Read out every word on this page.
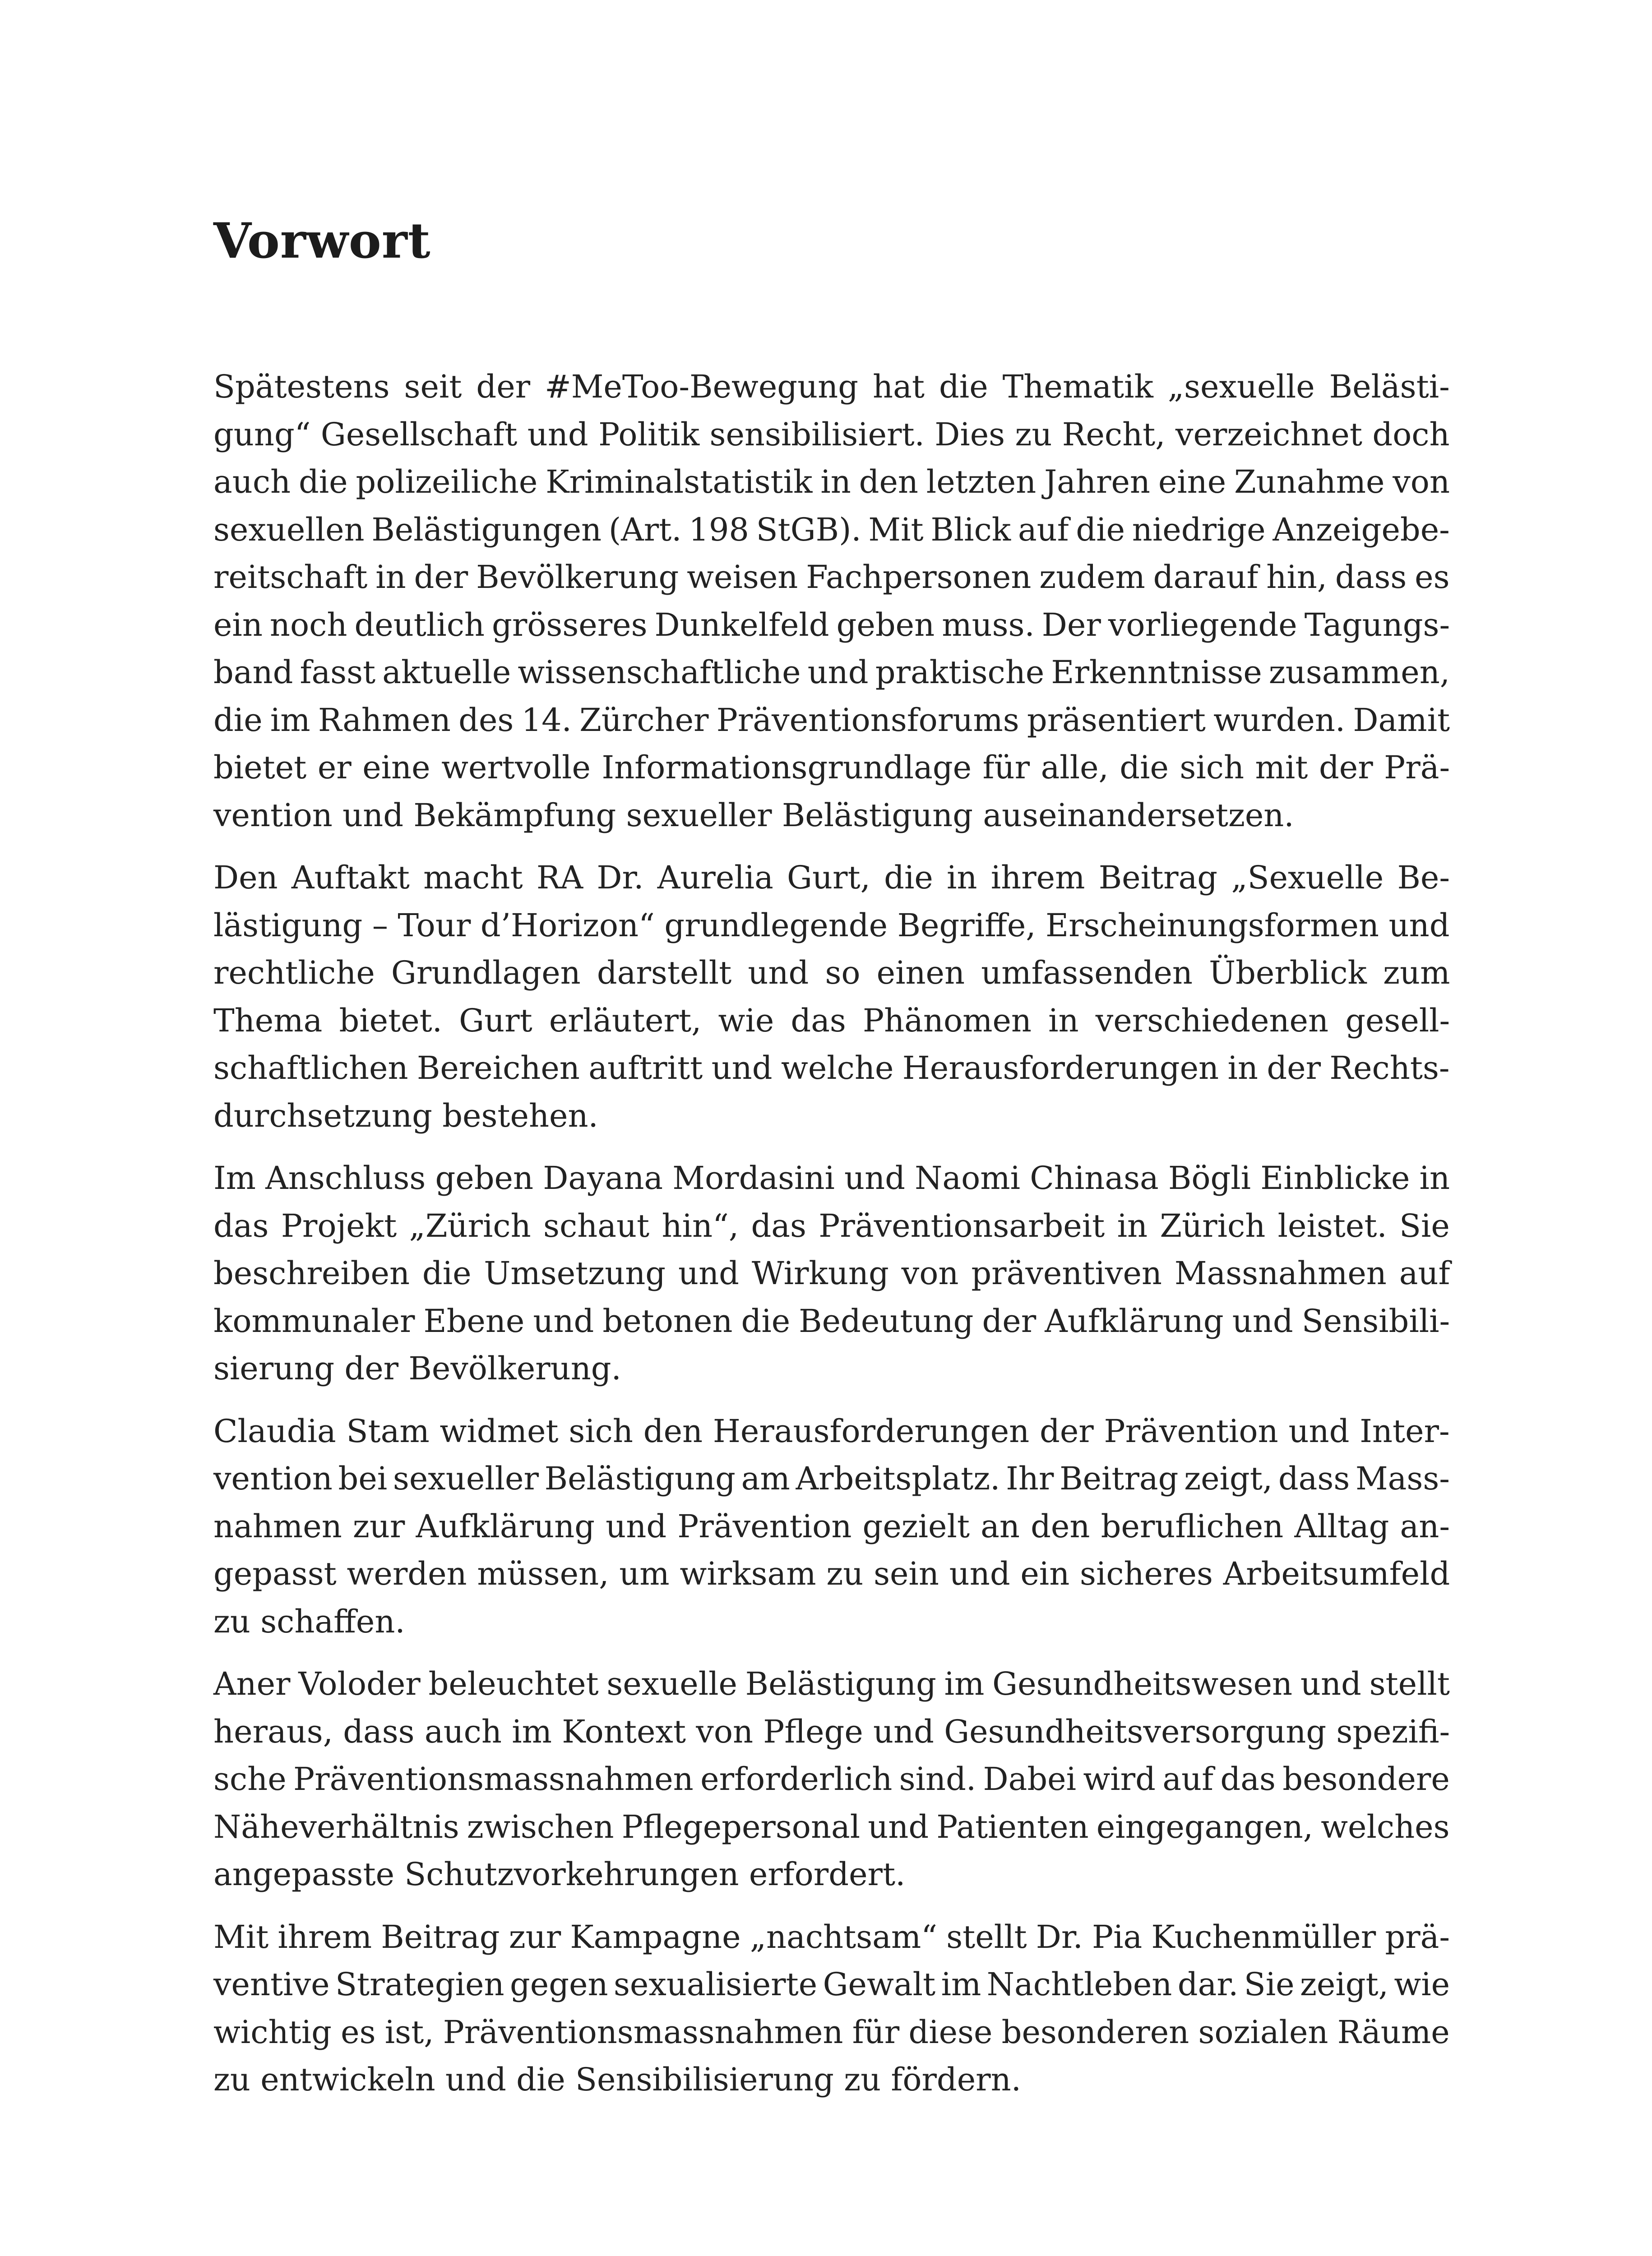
Vorwort

Spätestens seit der #MeToo-Bewegung hat die Thematik „sexuelle Belästi-
gung“ Gesellschaft und Politik sensibilisiert. Dies zu Recht, verzeichnet doch
auch die polizeiliche Kriminalstatistik in den letzten Jahren eine Zunahme von
sexuellen Belästigungen (Art. 198 StGB). Mit Blick auf die niedrige Anzeigebe-
reitschaft in der Bevölkerung weisen Fachpersonen zudem darauf hin, dass es
ein noch deutlich grösseres Dunkelfeld geben muss. Der vorliegende Tagungs-
band fasst aktuelle wissenschaftliche und praktische Erkenntnisse zusammen,
die im Rahmen des 14. Zürcher Präventionsforums präsentiert wurden. Damit
bietet er eine wertvolle Informationsgrundlage für alle, die sich mit der Prä-
vention und Bekämpfung sexueller Belästigung auseinandersetzen.

Den Auftakt macht RA Dr. Aurelia Gurt, die in ihrem Beitrag „Sexuelle Be-
lästigung – Tour d’Horizon“ grundlegende Begriffe, Erscheinungsformen und
rechtliche Grundlagen darstellt und so einen umfassenden Überblick zum
Thema bietet. Gurt erläutert, wie das Phänomen in verschiedenen gesell-
schaftlichen Bereichen auftritt und welche Herausforderungen in der Rechts-
durchsetzung bestehen.

Im Anschluss geben Dayana Mordasini und Naomi Chinasa Bögli Einblicke in
das Projekt „Zürich schaut hin“, das Präventionsarbeit in Zürich leistet. Sie
beschreiben die Umsetzung und Wirkung von präventiven Massnahmen auf
kommunaler Ebene und betonen die Bedeutung der Aufklärung und Sensibili-
sierung der Bevölkerung.

Claudia Stam widmet sich den Herausforderungen der Prävention und Inter-
vention bei sexueller Belästigung am Arbeitsplatz. Ihr Beitrag zeigt, dass Mass-
nahmen zur Aufklärung und Prävention gezielt an den beruflichen Alltag an-
gepasst werden müssen, um wirksam zu sein und ein sicheres Arbeitsumfeld
zu schaffen.

Aner Voloder beleuchtet sexuelle Belästigung im Gesundheitswesen und stellt
heraus, dass auch im Kontext von Pflege und Gesundheitsversorgung spezifi-
sche Präventionsmassnahmen erforderlich sind. Dabei wird auf das besondere
Näheverhältnis zwischen Pflegepersonal und Patienten eingegangen, welches
angepasste Schutzvorkehrungen erfordert.

Mit ihrem Beitrag zur Kampagne „nachtsam“ stellt Dr. Pia Kuchenmüller prä-
ventive Strategien gegen sexualisierte Gewalt im Nachtleben dar. Sie zeigt, wie
wichtig es ist, Präventionsmassnahmen für diese besonderen sozialen Räume
zu entwickeln und die Sensibilisierung zu fördern.
